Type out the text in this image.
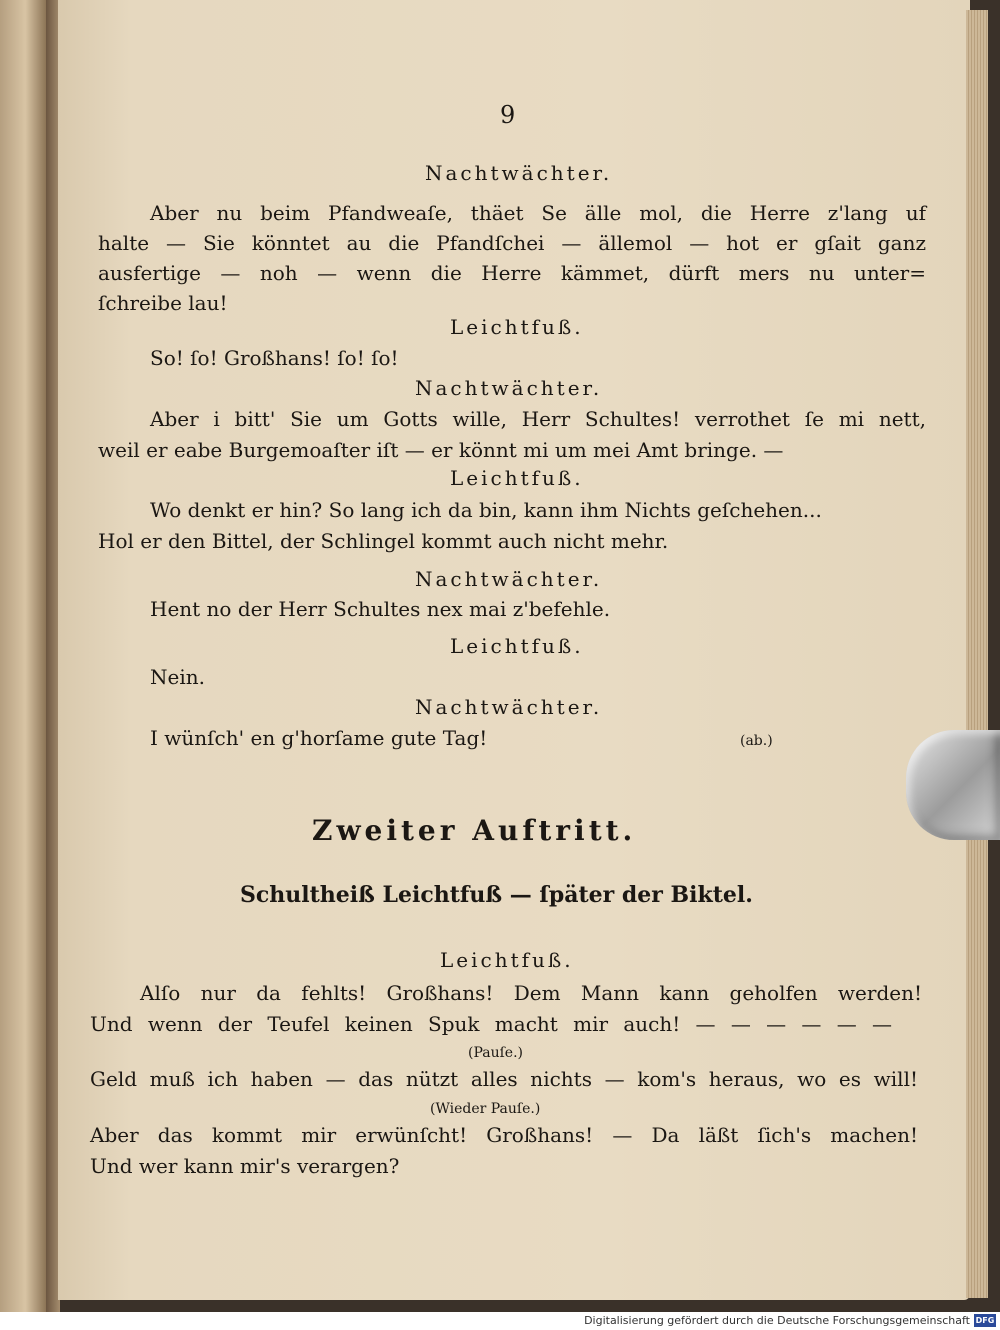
9
Nachtwächter.
Aber nu beim Pfandweaſe, thäet Se älle mol, die Herre z'lang uf
halte — Sie könntet au die Pfandſchei — ällemol — hot er gſait ganz
ausfertige — noh — wenn die Herre kämmet, dürft mers nu unter=
ſchreibe lau!
Leichtfuß.
So! ſo! Großhans! ſo! ſo!
Nachtwächter.
Aber i bitt' Sie um Gotts wille, Herr Schultes! verrothet ſe mi nett,
weil er eabe Burgemoaſter iſt — er könnt mi um mei Amt bringe. —
Leichtfuß.
Wo denkt er hin? So lang ich da bin, kann ihm Nichts geſchehen...
Hol er den Bittel, der Schlingel kommt auch nicht mehr.
Nachtwächter.
Hent no der Herr Schultes nex mai z'befehle.
Leichtfuß.
Nein.
Nachtwächter.
I wünſch' en g'horſame gute Tag!	(ab.)
Zweiter Auftritt.
Schultheiß Leichtfuß — ſpäter der Biktel.
Leichtfuß.
Alſo nur da fehlts! Großhans! Dem Mann kann geholfen werden!
Und wenn der Teufel keinen Spuk macht mir auch! — — — — — —
(Pauſe.)
Geld muß ich haben — das nützt alles nichts — kom's heraus, wo es will!
(Wieder Pauſe.)
Aber das kommt mir erwünſcht! Großhans! — Da läßt ſich's machen!
Und wer kann mir's verargen?
Digitalisierung gefördert durch die Deutsche Forschungsgemeinschaft DFG
